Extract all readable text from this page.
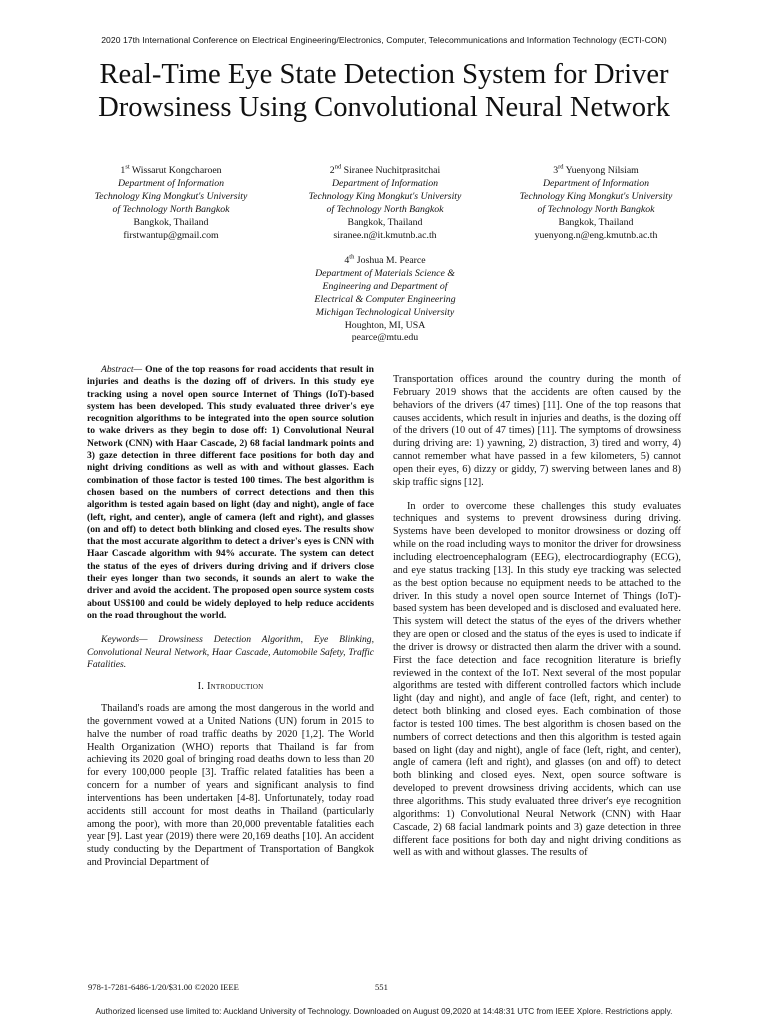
2020 17th International Conference on Electrical Engineering/Electronics, Computer, Telecommunications and Information Technology (ECTI-CON)
Real-Time Eye State Detection System for Driver
Drowsiness Using Convolutional Neural Network
1st Wissarut Kongcharoen
Department of Information
Technology King Mongkut's University
of Technology North Bangkok
Bangkok, Thailand
firstwantup@gmail.com
2nd Siranee Nuchitprasitchai
Department of Information
Technology King Mongkut's University
of Technology North Bangkok
Bangkok, Thailand
siranee.n@it.kmutnb.ac.th
3rd Yuenyong Nilsiam
Department of Information
Technology King Mongkut's University
of Technology North Bangkok
Bangkok, Thailand
yuenyong.n@eng.kmutnb.ac.th
4th Joshua M. Pearce
Department of Materials Science &
Engineering and Department of
Electrical & Computer Engineering
Michigan Technological University
Houghton, MI, USA
pearce@mtu.edu

Abstract— One of the top reasons for road accidents that result in injuries and deaths is the dozing off of drivers. In this study eye tracking using a novel open source Internet of Things (IoT)-based system has been developed. This study evaluated three driver's eye recognition algorithms to be integrated into the open source solution to wake drivers as they begin to dose off: 1) Convolutional Neural Network (CNN) with Haar Cascade, 2) 68 facial landmark points and 3) gaze detection in three different face positions for both day and night driving conditions as well as with and without glasses. Each combination of those factor is tested 100 times. The best algorithm is chosen based on the numbers of correct detections and then this algorithm is tested again based on light (day and night), angle of face (left, right, and center), angle of camera (left and right), and glasses (on and off) to detect both blinking and closed eyes. The results show that the most accurate algorithm to detect a driver's eyes is CNN with Haar Cascade algorithm with 94% accurate. The system can detect the status of the eyes of drivers during driving and if drivers close their eyes longer than two seconds, it sounds an alert to wake the driver and avoid the accident. The proposed open source system costs about US$100 and could be widely deployed to help reduce accidents on the road throughout the world.

Keywords— Drowsiness Detection Algorithm, Eye Blinking, Convolutional Neural Network, Haar Cascade, Automobile Safety, Traffic Fatalities.

I. Introduction

Thailand's roads are among the most dangerous in the world and the government vowed at a United Nations (UN) forum in 2015 to halve the number of road traffic deaths by 2020 [1,2]. The World Health Organization (WHO) reports that Thailand is far from achieving its 2020 goal of bringing road deaths down to less than 20 for every 100,000 people [3]. Traffic related fatalities has been a concern for a number of years and significant analysis to find interventions has been undertaken [4-8]. Unfortunately, today road accidents still account for most deaths in Thailand (particularly among the poor), with more than 20,000 preventable fatalities each year [9]. Last year (2019) there were 20,169 deaths [10]. An accident study conducting by the Department of Transportation of Bangkok and Provincial Department of

Transportation offices around the country during the month of February 2019 shows that the accidents are often caused by the behaviors of the drivers (47 times) [11]. One of the top reasons that causes accidents, which result in injuries and deaths, is the dozing off of the drivers (10 out of 47 times) [11]. The symptoms of drowsiness during driving are: 1) yawning, 2) distraction, 3) tired and worry, 4) cannot remember what have passed in a few kilometers, 5) cannot open their eyes, 6) dizzy or giddy, 7) swerving between lanes and 8) skip traffic signs [12].

In order to overcome these challenges this study evaluates techniques and systems to prevent drowsiness during driving. Systems have been developed to monitor drowsiness or dozing off while on the road including ways to monitor the driver for drowsiness including electroencephalogram (EEG), electrocardiography (ECG), and eye status tracking [13]. In this study eye tracking was selected as the best option because no equipment needs to be attached to the driver. In this study a novel open source Internet of Things (IoT)-based system has been developed and is disclosed and evaluated here. This system will detect the status of the eyes of the drivers whether they are open or closed and the status of the eyes is used to indicate if the driver is drowsy or distracted then alarm the driver with a sound. First the face detection and face recognition literature is briefly reviewed in the context of the IoT. Next several of the most popular algorithms are tested with different controlled factors which include light (day and night), and angle of face (left, right, and center) to detect both blinking and closed eyes. Each combination of those factor is tested 100 times. The best algorithm is chosen based on the numbers of correct detections and then this algorithm is tested again based on light (day and night), angle of face (left, right, and center), angle of camera (left and right), and glasses (on and off) to detect both blinking and closed eyes. Next, open source software is developed to prevent drowsiness driving accidents, which can use three algorithms. This study evaluated three driver's eye recognition algorithms: 1) Convolutional Neural Network (CNN) with Haar Cascade, 2) 68 facial landmark points and 3) gaze detection in three different face positions for both day and night driving conditions as well as with and without glasses. The results of

978-1-7281-6486-1/20/$31.00 ©2020 IEEE	551
Authorized licensed use limited to: Auckland University of Technology. Downloaded on August 09,2020 at 14:48:31 UTC from IEEE Xplore. Restrictions apply.
